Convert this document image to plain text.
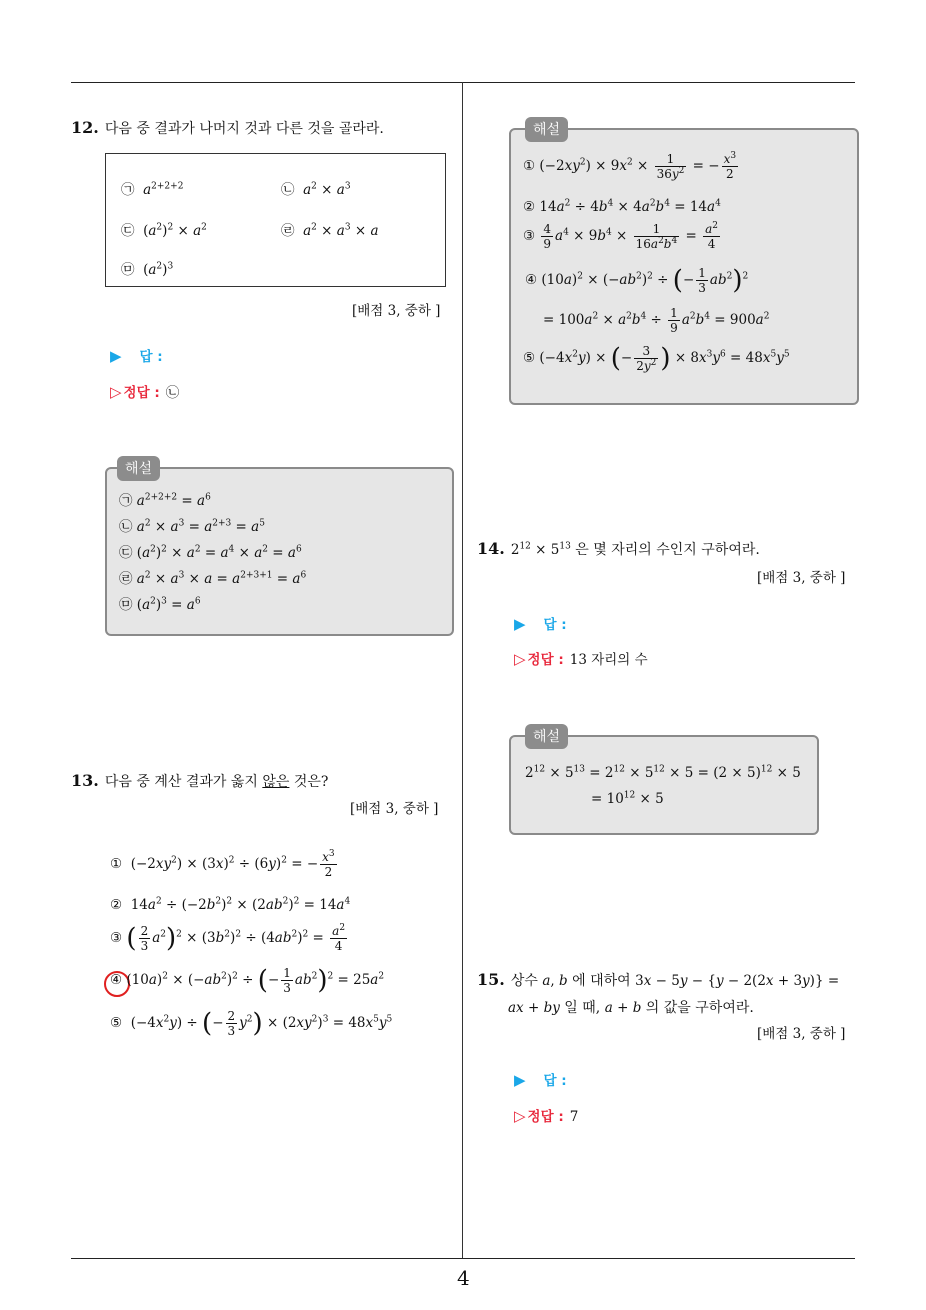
12. 다음 중 결과가 나머지 것과 다른 것을 골라라.
㉠ $a^{2+2+2}$	㉡ $a^2 \times a^3$
㉢  $(a^2)^2 \times a^2$	㉣ $a^2 \times a^3 \times a$
㉤  $(a^2)^3$
[배점 3, 중하 ]
▶ 답 :
▷ 정답 : ㉡
해설
㉠ $a^{2+2+2} = a^6$
㉡ $a^2 \times a^3 = a^{2+3} = a^5$
㉢ $(a^2)^2 \times a^2 = a^4 \times a^2 = a^6$
㉣ $a^2 \times a^3 \times a = a^{2+3+1} = a^6$
㉤ $(a^2)^3 = a^6$
13. 다음 중 계산 결과가 옳지 않은 것은?
[배점 3, 중하 ]
①  $(-2xy^2) \times (3x)^2 \div (6y)^2$ = − $\frac{x^3}{2}$
②  $14a^2 \div (-2b^2)^2 \times (2ab^2)^2 = 14a^4$
③ ( $\frac{2}{3} a^2)^2 \times (3b^2)^2 \div (4ab^2)^2 = \frac{a^2}{4}$
④ $(10a)^2 \times (-ab^2)^2$ ÷ (− $\frac{1}{3} ab^2)^2 = 25a^2$
⑤  $(-4x^2y)$ ÷ (− $\frac{2}{3} y^2) \times (2xy^2)^3 = 48x^5y^5$
해설
① $(-2xy^2) \times 9x^2 \times \frac{1}{36y^2}$ = − $\frac{x^3}{2}$
② $14a^2 \div 4b^4 \times 4a^2b^4 = 14a^4$
③ $\frac{4}{9} a^4 \times 9b^4 \times \frac{1}{16a^2b^4} = \frac{a^2}{4}$
④ $(10a)^2 \times (-ab^2)^2$ ÷ (− $\frac{1}{3} ab^2)^2$
= $100a^2 \times a^2b^4 \div \frac{1}{9} a^2b^4 = 900a^2$
⑤ $(-4x^2y)$ × (− $\frac{3}{2y^2}$ ) × $8x^3y^6 = 48x^5y^5$
14. $2^{12} \times 5^{13}$ 은 몇 자리의 수인지 구하여라.
[배점 3, 중하 ]
▶ 답 :
▷ 정답 : 13 자리의 수
해설
$2^{12} \times 5^{13} = 2^{12} \times 5^{12} \times 5 = (2 \times 5)^{12} \times 5$
= $10^{12} \times 5$
15. 상수 a, b 에 대하여 3x − 5y − {y − 2(2x + 3y)} =
ax + by 일 때, a + b 의 값을 구하여라.
[배점 3, 중하 ]
▶ 답 :
▷ 정답 : 7
4
